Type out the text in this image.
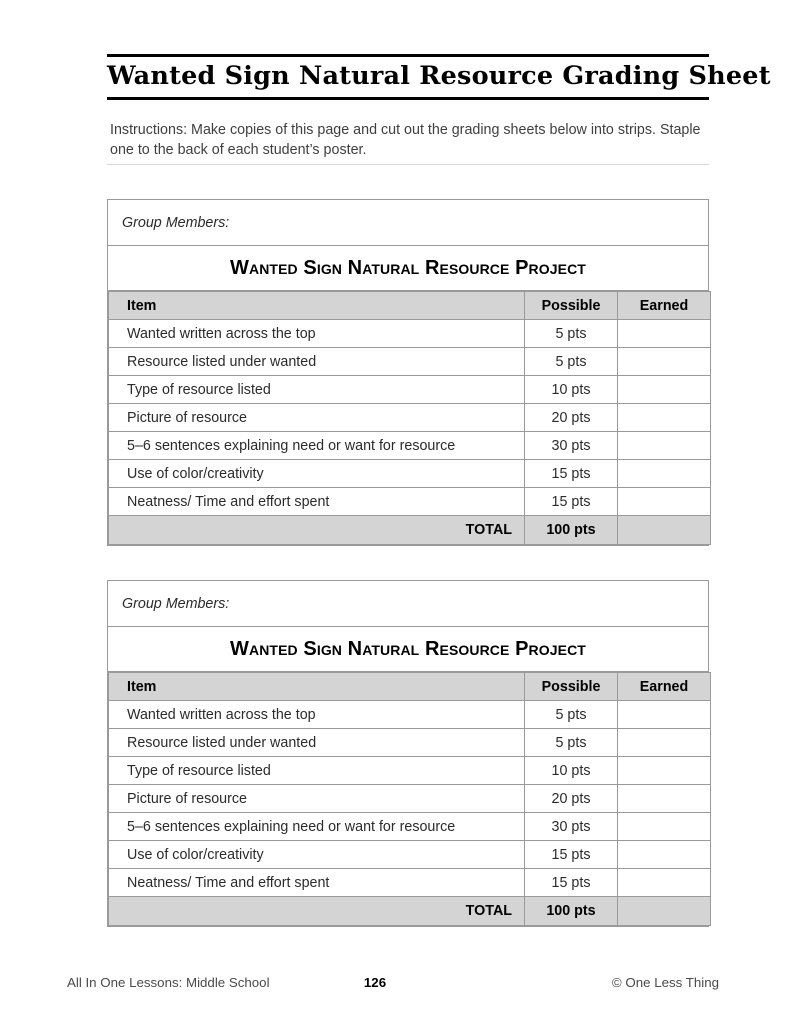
Wanted Sign Natural Resource Grading Sheet
Instructions: Make copies of this page and cut out the grading sheets below into strips. Staple one to the back of each student’s poster.
Group Members:
Wanted Sign Natural Resource Project
Item	Possible	Earned
Wanted written across the top	5 pts	
Resource listed under wanted	5 pts	
Type of resource listed	10 pts	
Picture of resource	20 pts	
5–6 sentences explaining need or want for resource	30 pts	
Use of color/creativity	15 pts	
Neatness/ Time and effort spent	15 pts	
TOTAL	100 pts	
Group Members:
Wanted Sign Natural Resource Project
Item	Possible	Earned
Wanted written across the top	5 pts	
Resource listed under wanted	5 pts	
Type of resource listed	10 pts	
Picture of resource	20 pts	
5–6 sentences explaining need or want for resource	30 pts	
Use of color/creativity	15 pts	
Neatness/ Time and effort spent	15 pts	
TOTAL	100 pts	
All In One Lessons: Middle School	126	© One Less Thing
